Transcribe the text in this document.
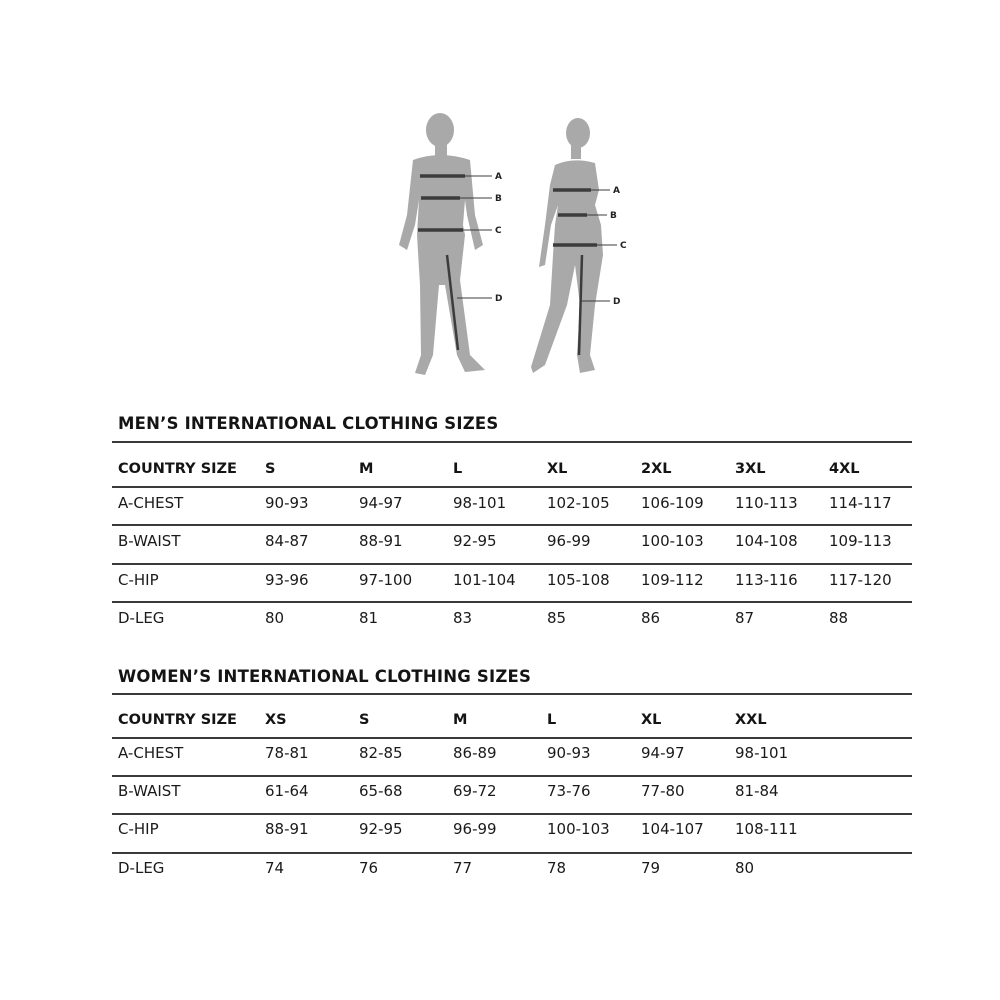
A
B
C
D
A
B
C
D
MEN’S INTERNATIONAL CLOTHING SIZES
COUNTRY SIZE S	M	L	XL	2XL	3XL	4XL
A-CHEST	90-93	94-97	98-101	102-105 106-109 110-113 114-117
B-WAIST	84-87	88-91	92-95	96-99	100-103 104-108 109-113
C-HIP	93-96	97-100	101-104 105-108 109-112 113-116 117-120
D-LEG	80	81	83	85	86	87	88
WOMEN’S INTERNATIONAL CLOTHING SIZES
COUNTRY SIZE XS	S	M	L	XL	XXL
A-CHEST	78-81	82-85	86-89	90-93	94-97	98-101
B-WAIST	61-64	65-68	69-72	73-76	77-80	81-84
C-HIP	88-91	92-95	96-99	100-103 104-107 108-111
D-LEG	74	76	77	78	79	80
